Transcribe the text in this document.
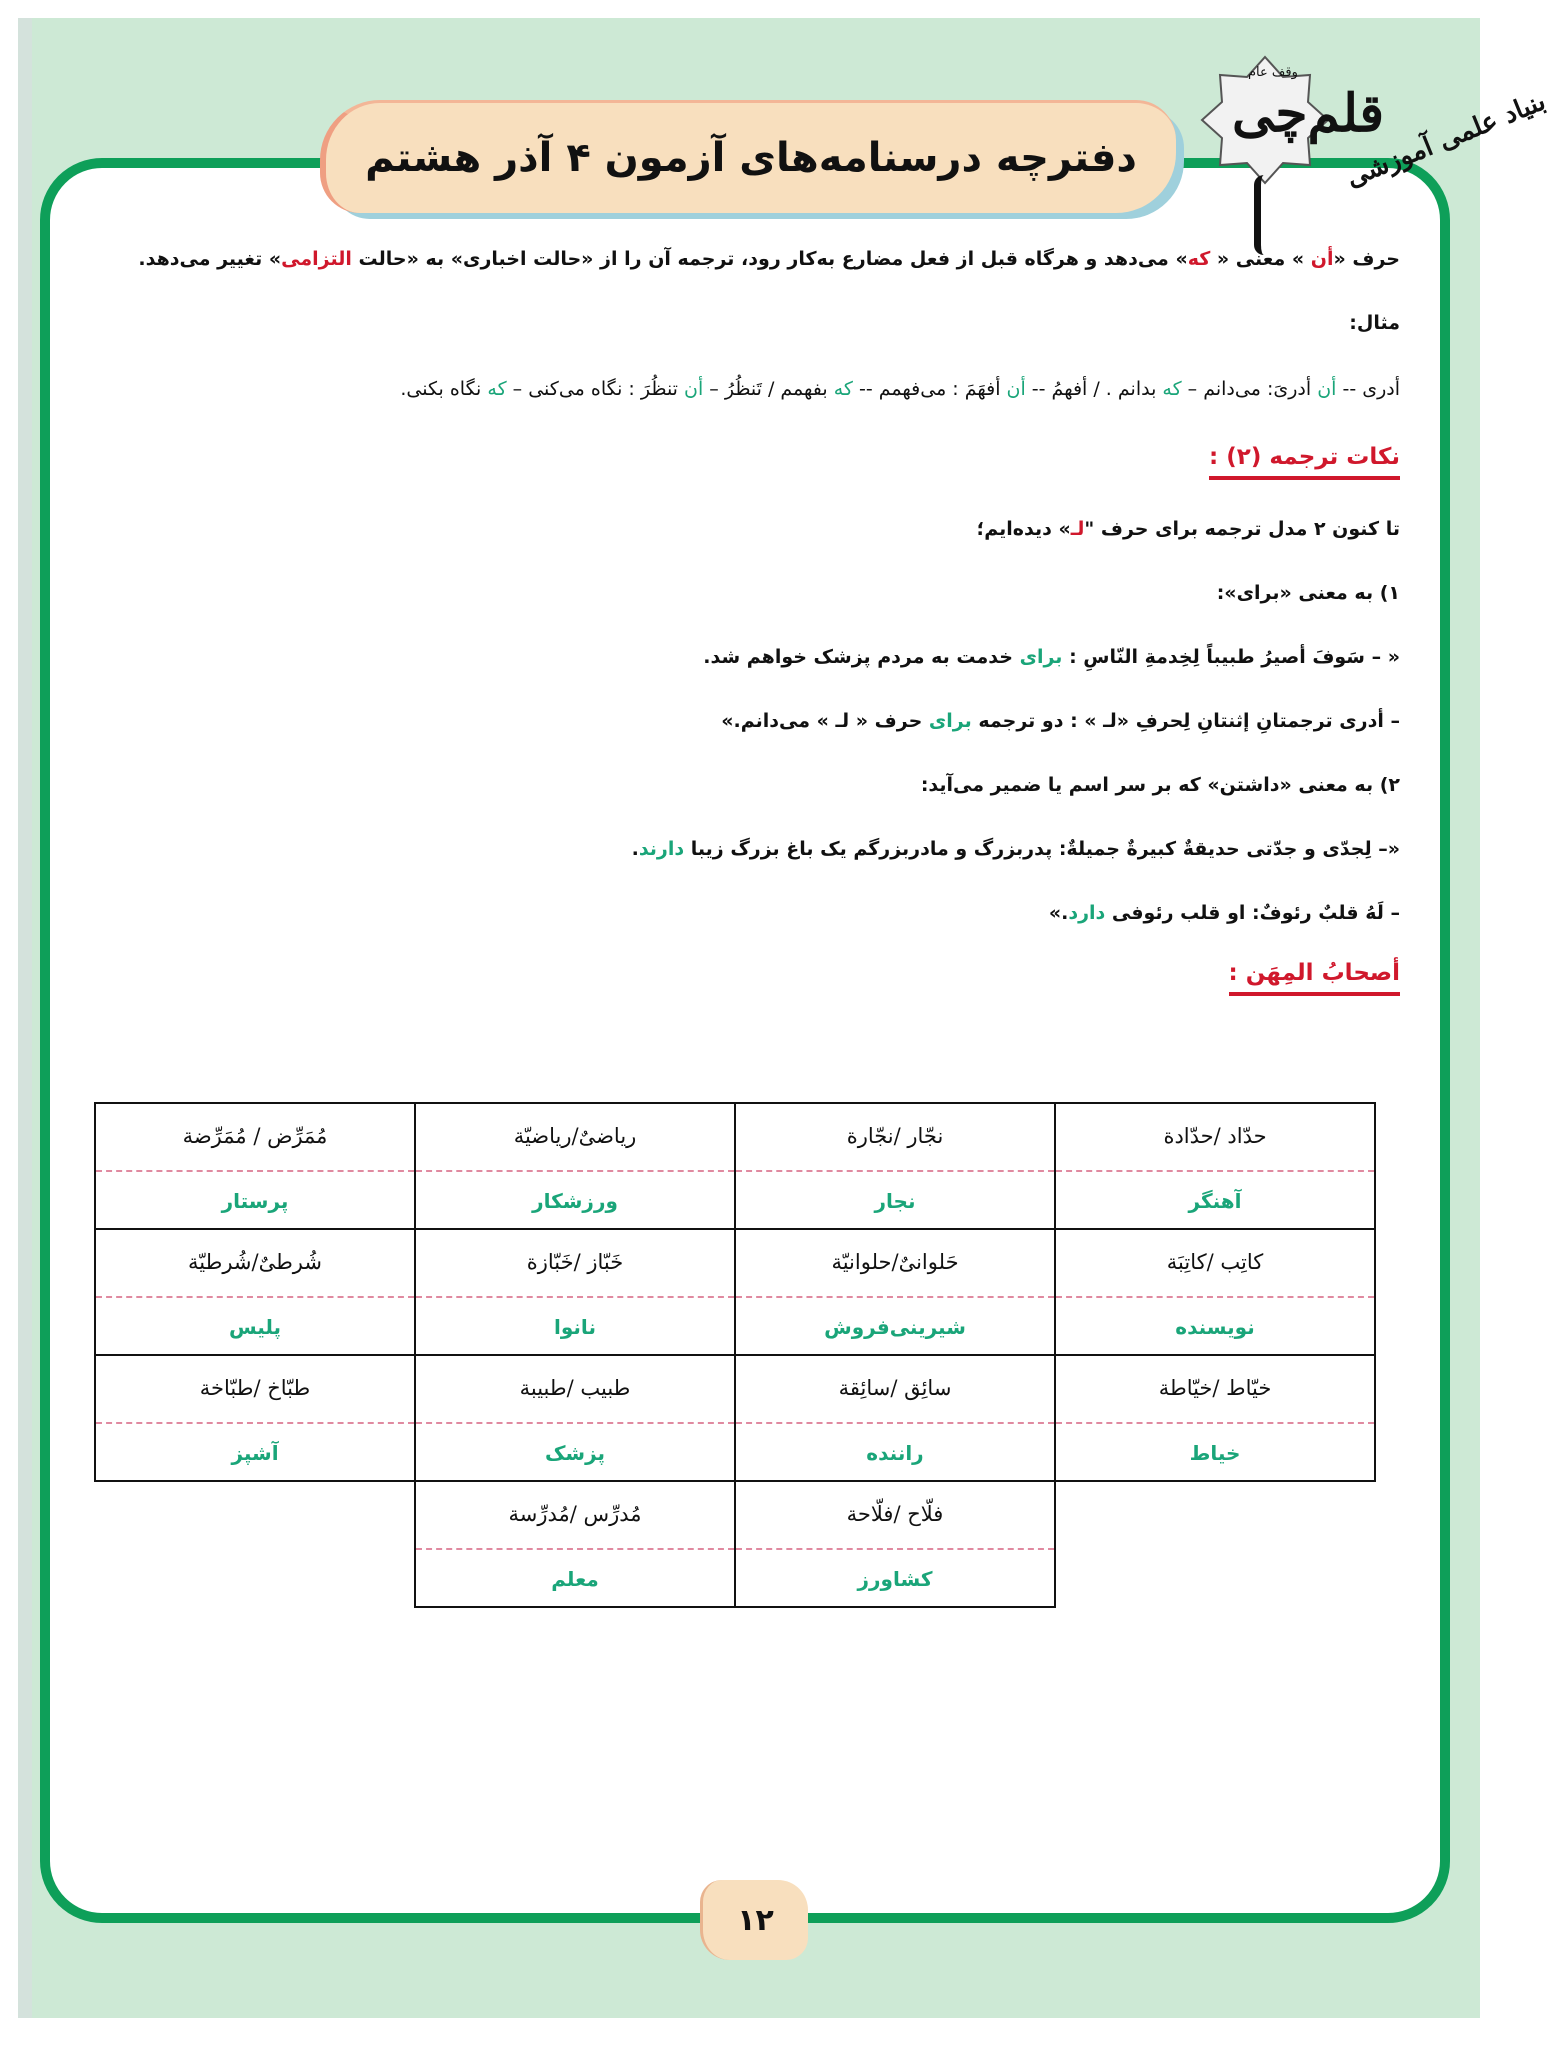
دفترچه درسنامه‌های آزمون ۴ آذر هشتم
وقف عام
قلم‌چی
بنیاد علمی آموزشی
حرف «أن » معنی « که» می‌دهد و هرگاه قبل از فعل مضارع به‌کار رود، ترجمه آن را از «حالت اخباری» به «حالت التزامی» تغییر می‌دهد.
مثال:
أدری -- أن أدریَ: می‌دانم – که بدانم . / أفهمُ -- أن أفهَمَ : می‌فهمم -- که بفهمم / تَنظُرُ – أن تنظُرَ : نگاه می‌کنی – که نگاه بکنی.
نکات ترجمه (۲) :
تا کنون ۲ مدل ترجمه برای حرف "لـ» دیده‌ایم؛
۱) به معنی «برای»:
« – سَوفَ أصیرُ طبیباً لِخِدمةِ النّاسِ : برای خدمت به مردم پزشک خواهم شد.
– أدری ترجمتانِ إثنتانِ لِحرفِ «لـ » : دو ترجمه برای حرف « لـ » می‌دانم.»
۲) به معنی «داشتن» که بر سر اسم یا ضمیر می‌آید:
«– لِجدّی و جدّتی حدیقةٌ کبیرةٌ جمیلةٌ: پدربزرگ و مادربزرگم یک باغ بزرگ زیبا دارند.
– لَهُ قلبٌ رئوفٌ: او قلب رئوفی دارد.»
أصحابُ المِهَن :
حدّاد /حدّادة
آهنگر
نجّار /نجّارة
نجار
ریاضیٌ/ریاضیّة
ورزشکار
مُمَرِّض / مُمَرِّضة
پرستار
کاتِب /کاتِبَة
نویسنده
حَلوانیٌ/حلوانیّة
شیرینی‌فروش
خَبّاز /خَبّازة
نانوا
شُرطیٌ/شُرطیّة
پلیس
خیّاط /خیّاطة
خیاط
سائِق /سائِقة
راننده
طبیب /طبیبة
پزشک
طبّاخ /طبّاخة
آشپز
فلّاح /فلّاحة
کشاورز
مُدرِّس /مُدرِّسة
معلم
۱۲
